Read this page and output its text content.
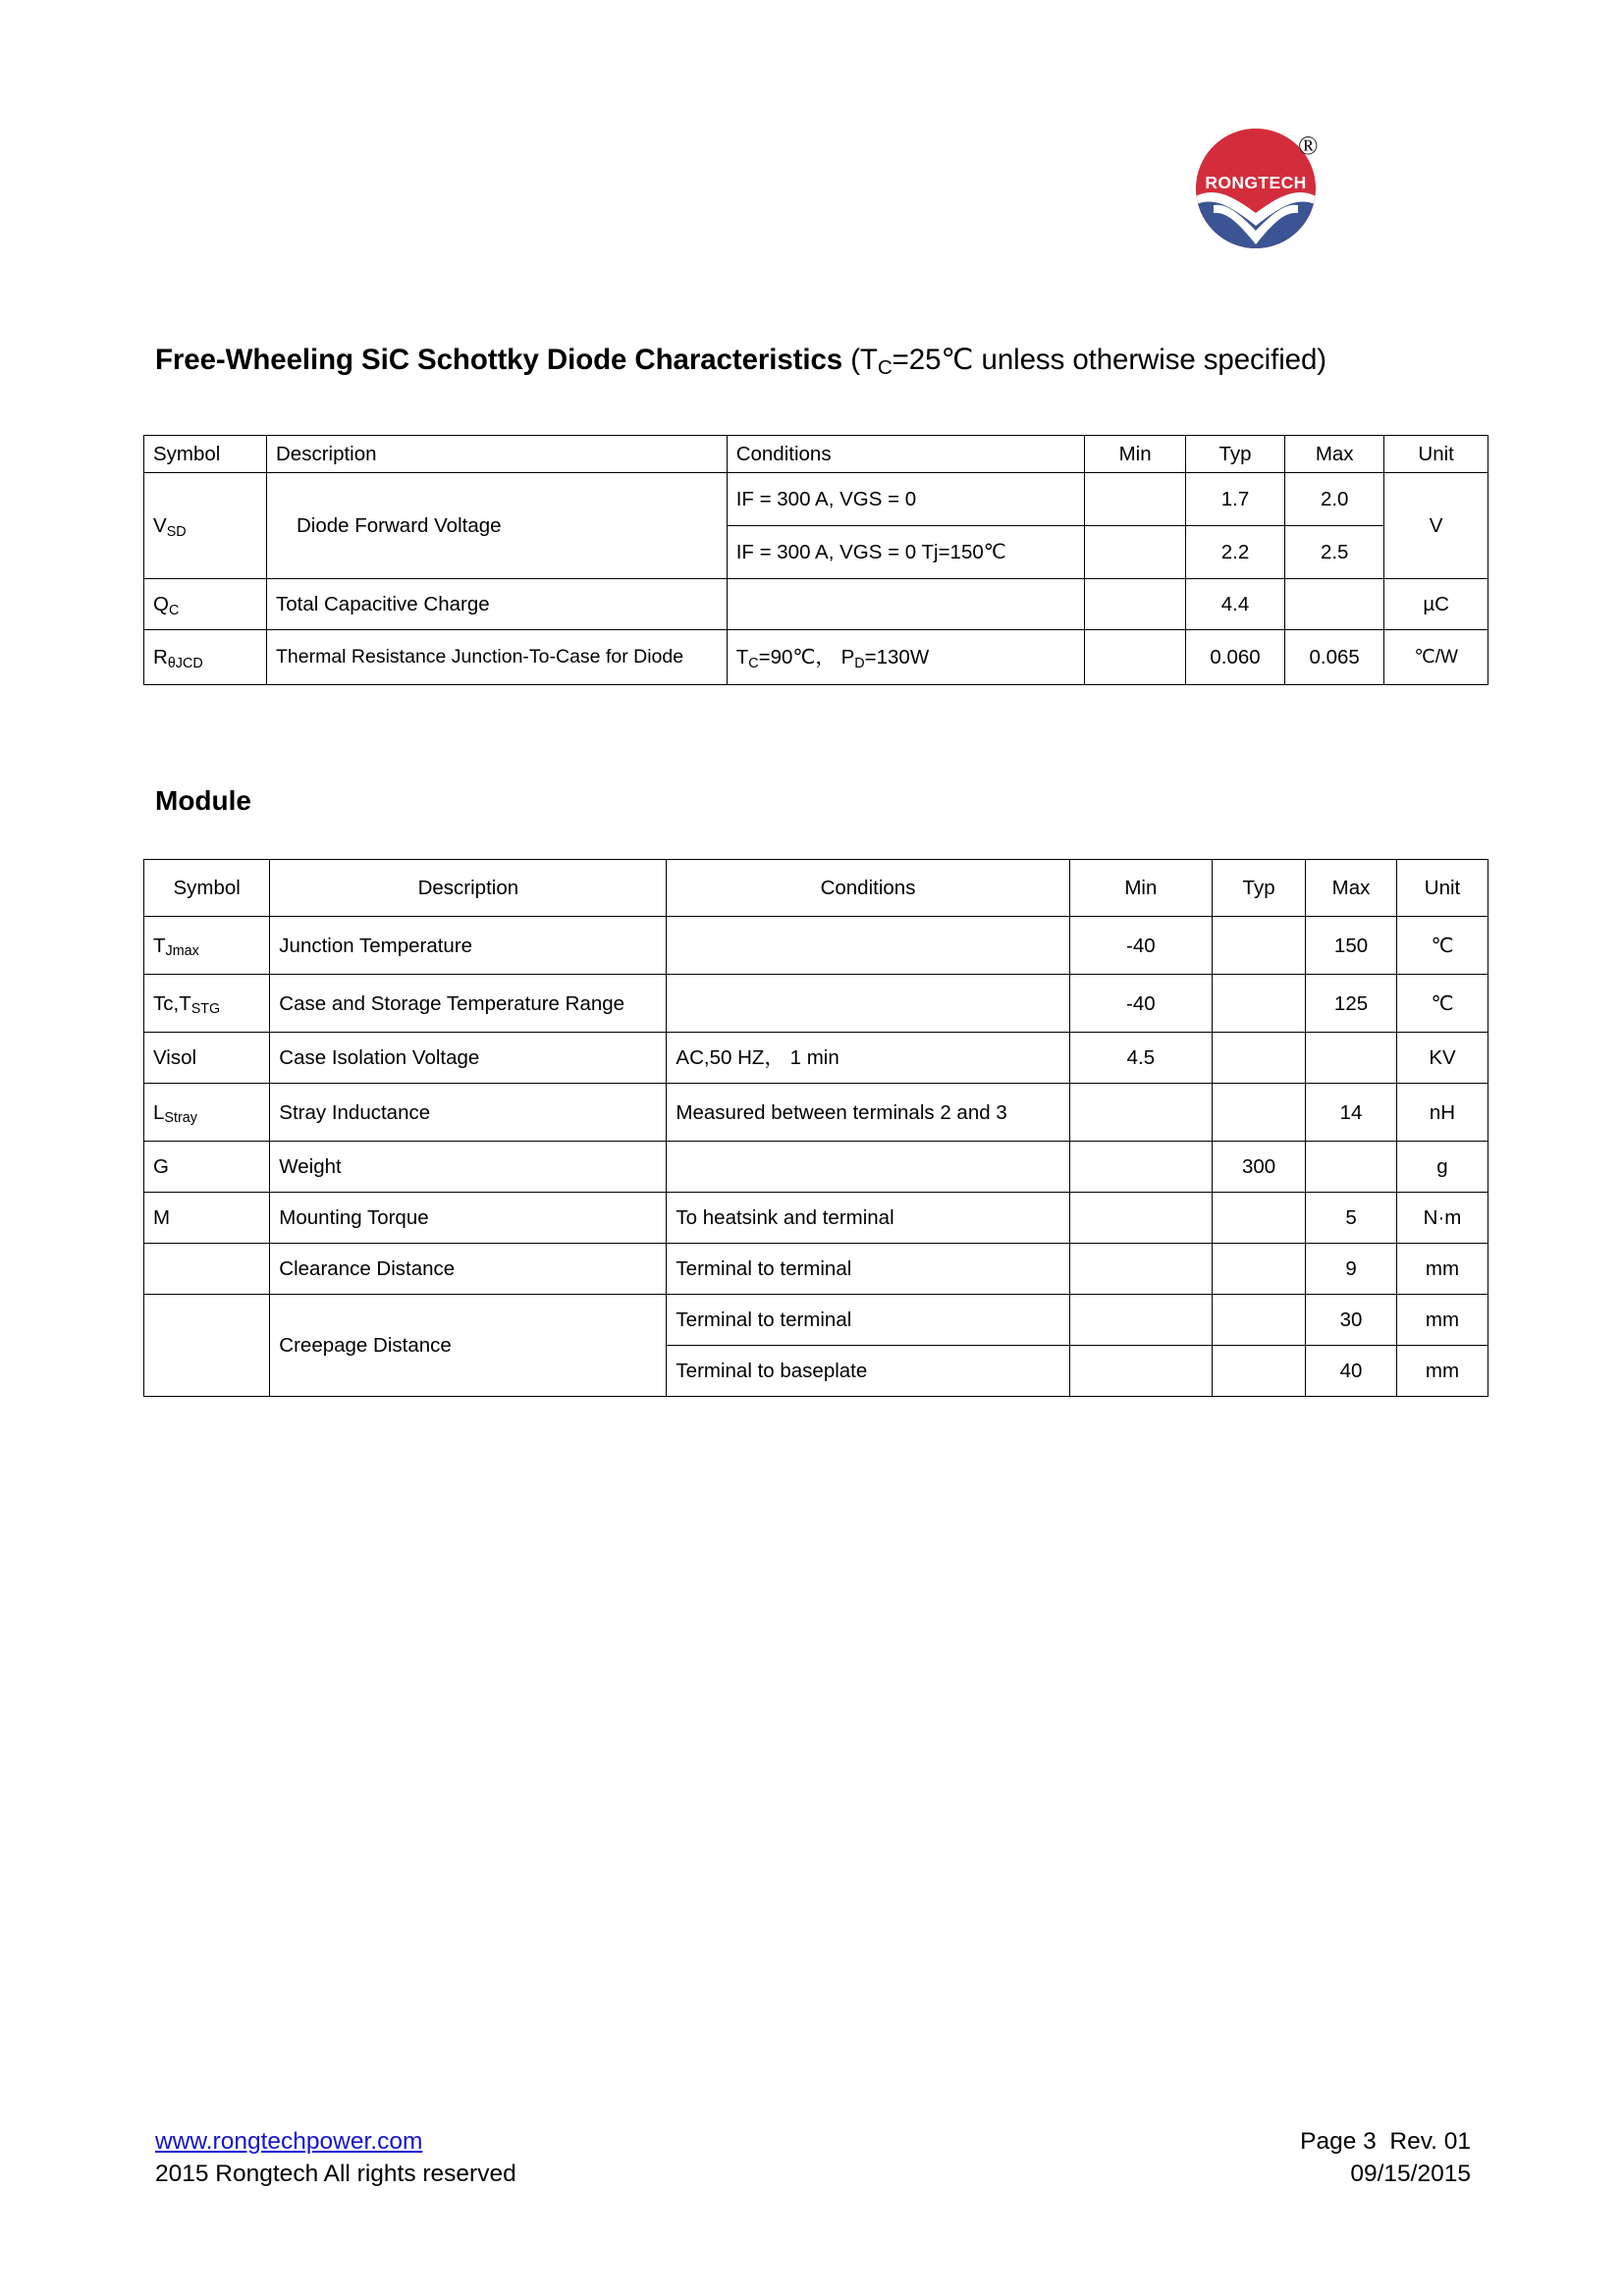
RONGTECH
®
Free-Wheeling SiC Schottky Diode Characteristics ($T_C=25℃$ unless otherwise specified)
Symbol	Description	Conditions	Min	Typ	Max	Unit

$V_{SD}$	Diode Forward Voltage	IF = 300 A, VGS = 0		1.7	2.0	V

		IF = 300 A, VGS = 0 Tj=150℃		2.2	2.5	

$Q_C$	Total Capacitive Charge			4.4		µC

$R_{\theta JCD}$	Thermal Resistance Junction-To-Case for Diode	$T_C=90℃$， $P_D=130W$		0.060	0.065	℃/W
Module
Symbol	Description	Conditions	Min	Typ	Max	Unit

$T_{Jmax}$	Junction Temperature		-40		150	℃

$Tc,T_{STG}$	Case and Storage Temperature Range		-40		125	℃

Visol	Case Isolation Voltage	AC,50 HZ， 1 min	4.5			KV

$L_{Stray}$	Stray Inductance	Measured between terminals 2 and 3			14	nH

G	Weight			300		g

M	Mounting Torque	To heatsink and terminal			5	N·m

	Clearance Distance	Terminal to terminal			9	mm

	Creepage Distance	Terminal to terminal			30	mm

		Terminal to baseplate			40	mm
www.rongtechpower.com	Page 3  Rev. 01
2015 Rongtech All rights reserved	09/15/2015
